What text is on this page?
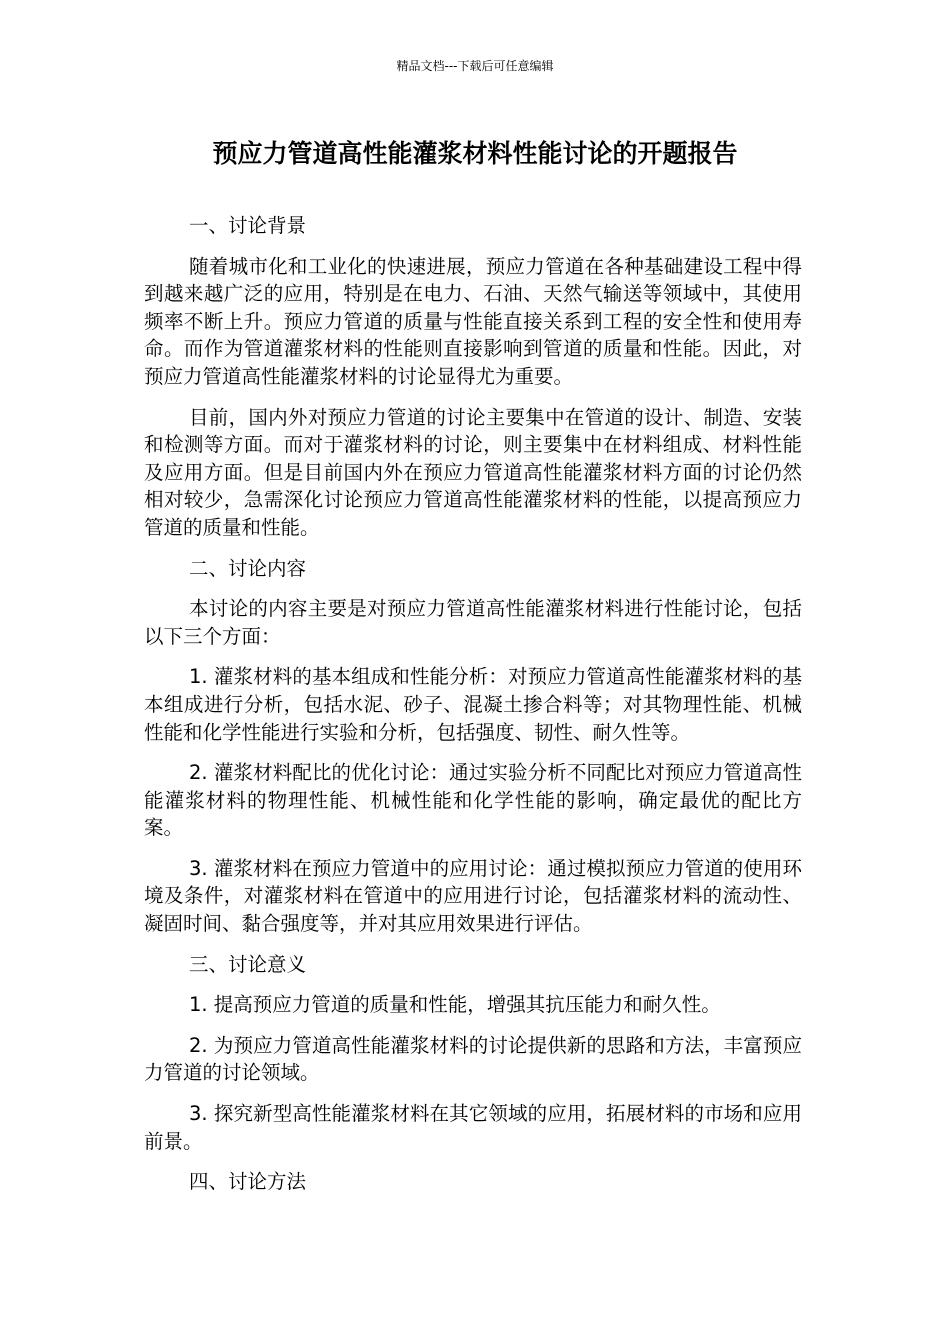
精品文档---下载后可任意编辑
预应力管道高性能灌浆材料性能讨论的开题报告

一、讨论背景

随着城市化和工业化的快速进展，预应力管道在各种基础建设工程中得到越来越广泛的应用，特别是在电力、石油、天然气输送等领域中，其使用频率不断上升。预应力管道的质量与性能直接关系到工程的安全性和使用寿命。而作为管道灌浆材料的性能则直接影响到管道的质量和性能。因此，对预应力管道高性能灌浆材料的讨论显得尤为重要。

目前，国内外对预应力管道的讨论主要集中在管道的设计、制造、安装和检测等方面。而对于灌浆材料的讨论，则主要集中在材料组成、材料性能及应用方面。但是目前国内外在预应力管道高性能灌浆材料方面的讨论仍然相对较少，急需深化讨论预应力管道高性能灌浆材料的性能，以提高预应力管道的质量和性能。

二、讨论内容

本讨论的内容主要是对预应力管道高性能灌浆材料进行性能讨论，包括以下三个方面：

1. 灌浆材料的基本组成和性能分析：对预应力管道高性能灌浆材料的基本组成进行分析，包括水泥、砂子、混凝土掺合料等；对其物理性能、机械性能和化学性能进行实验和分析，包括强度、韧性、耐久性等。

2. 灌浆材料配比的优化讨论：通过实验分析不同配比对预应力管道高性能灌浆材料的物理性能、机械性能和化学性能的影响，确定最优的配比方案。

3. 灌浆材料在预应力管道中的应用讨论：通过模拟预应力管道的使用环境及条件，对灌浆材料在管道中的应用进行讨论，包括灌浆材料的流动性、凝固时间、黏合强度等，并对其应用效果进行评估。

三、讨论意义

1. 提高预应力管道的质量和性能，增强其抗压能力和耐久性。

2. 为预应力管道高性能灌浆材料的讨论提供新的思路和方法，丰富预应力管道的讨论领域。

3. 探究新型高性能灌浆材料在其它领域的应用，拓展材料的市场和应用前景。

四、讨论方法
